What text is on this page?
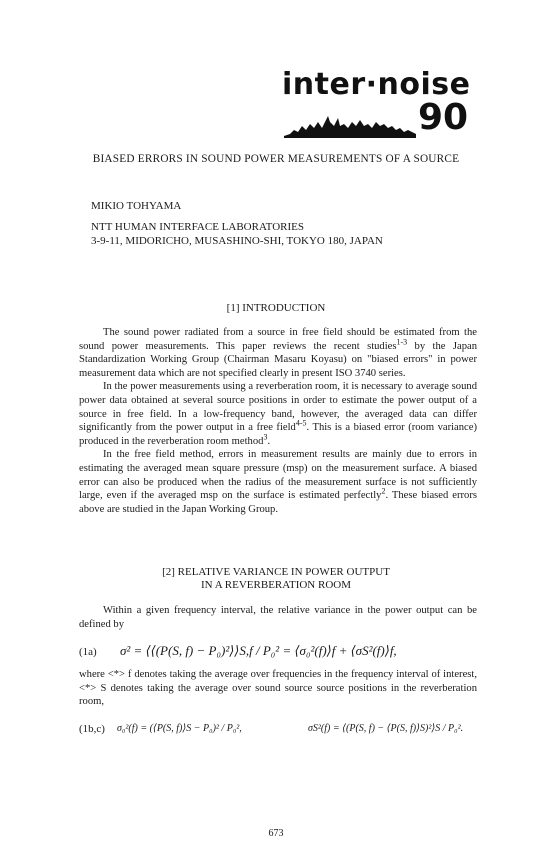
inter·noise
90
BIASED ERRORS IN SOUND POWER MEASUREMENTS OF A SOURCE
MIKIO TOHYAMA
NTT HUMAN INTERFACE LABORATORIES
3-9-11, MIDORICHO, MUSASHINO-SHI, TOKYO 180, JAPAN
[1] INTRODUCTION

The sound power radiated from a source in free field should be estimated from the sound power measurements. This paper reviews the recent studies$^{1-3}$ by the Japan Standardization Working Group (Chairman Masaru Koyasu) on "biased errors" in power measurement data which are not specified clearly in present ISO 3740 series.

In the power measurements using a reverberation room, it is necessary to average sound power data obtained at several source positions in order to estimate the power output of a source in free field. In a low-frequency band, however, the averaged data can differ significantly from the power output in a free field$^{4-5}$. This is a biased error (room variance) produced in the reverberation room method$^3$.

In the free field method, errors in measurement results are mainly due to errors in estimating the averaged mean square pressure (msp) on the measurement surface. A biased error can also be produced when the radius of the measurement surface is not sufficiently large, even if the averaged msp on the surface is estimated perfectly$^2$. These biased errors above are studied in the Japan Working Group.

[2] RELATIVE VARIANCE IN POWER OUTPUT
IN A REVERBERATION ROOM

Within a given frequency interval, the relative variance in the power output can be defined by

(1a) σ² = ⟨⟨(P(S, f) − P₀)²⟩⟩S,f / P₀² = ⟨σ₀²(f)⟩f + ⟨σS²(f)⟩f,

where <*> f denotes taking the average over frequencies in the frequency interval of interest, <*> S denotes taking the average over sound source source positions in the reverberation room,

(1b,c) σ₀²(f) = (⟨P(S, f)⟩S − P₀)² / P₀²,	σS²(f) = ⟨(P(S, f) − ⟨P(S, f)⟩S)²⟩S / P₀².
673
